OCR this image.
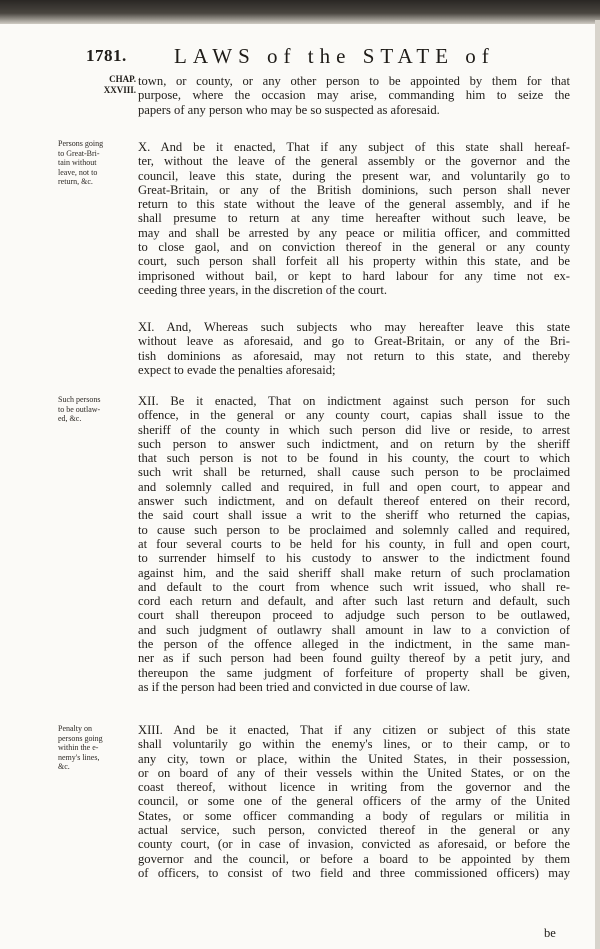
1781. LAWS of the STATE of
CHAP.
XXVIII.
Persons going
to Great-Bri-
tain without
leave, not to
return, &c.
Such persons
to be outlaw-
ed, &c.
Penalty on
persons going
within the e-
nemy's lines,
&c.
town, or county, or any other person to be appointed by them for that
purpose, where the occasion may arise, commanding him to seize the
papers of any person who may be so suspected as aforesaid.
X. And be it enacted, That if any subject of this state shall hereaf-
ter, without the leave of the general assembly or the governor and the
council, leave this state, during the present war, and voluntarily go to
Great-Britain, or any of the British dominions, such person shall never
return to this state without the leave of the general assembly, and if he
shall presume to return at any time hereafter without such leave, be
may and shall be arrested by any peace or militia officer, and committed
to close gaol, and on conviction thereof in the general or any county
court, such person shall forfeit all his property within this state, and be
imprisoned without bail, or kept to hard labour for any time not ex-
ceeding three years, in the discretion of the court.
XI. And, Whereas such subjects who may hereafter leave this state
without leave as aforesaid, and go to Great-Britain, or any of the Bri-
tish dominions as aforesaid, may not return to this state, and thereby
expect to evade the penalties aforesaid;
XII. Be it enacted, That on indictment against such person for such
offence, in the general or any county court, capias shall issue to the
sheriff of the county in which such person did live or reside, to arrest
such person to answer such indictment, and on return by the sheriff
that such person is not to be found in his county, the court to which
such writ shall be returned, shall cause such person to be proclaimed
and solemnly called and required, in full and open court, to appear and
answer such indictment, and on default thereof entered on their record,
the said court shall issue a writ to the sheriff who returned the capias,
to cause such person to be proclaimed and solemnly called and required,
at four several courts to be held for his county, in full and open court,
to surrender himself to his custody to answer to the indictment found
against him, and the said sheriff shall make return of such proclamation
and default to the court from whence such writ issued, who shall re-
cord each return and default, and after such last return and default, such
court shall thereupon proceed to adjudge such person to be outlawed,
and such judgment of outlawry shall amount in law to a conviction of
the person of the offence alleged in the indictment, in the same man-
ner as if such person had been found guilty thereof by a petit jury, and
thereupon the same judgment of forfeiture of property shall be given,
as if the person had been tried and convicted in due course of law.
XIII. And be it enacted, That if any citizen or subject of this state
shall voluntarily go within the enemy's lines, or to their camp, or to
any city, town or place, within the United States, in their possession,
or on board of any of their vessels within the United States, or on the
coast thereof, without licence in writing from the governor and the
council, or some one of the general officers of the army of the United
States, or some officer commanding a body of regulars or militia in
actual service, such person, convicted thereof in the general or any
county court, (or in case of invasion, convicted as aforesaid, or before the
governor and the council, or before a board to be appointed by them
of officers, to consist of two field and three commissioned officers) may
be
